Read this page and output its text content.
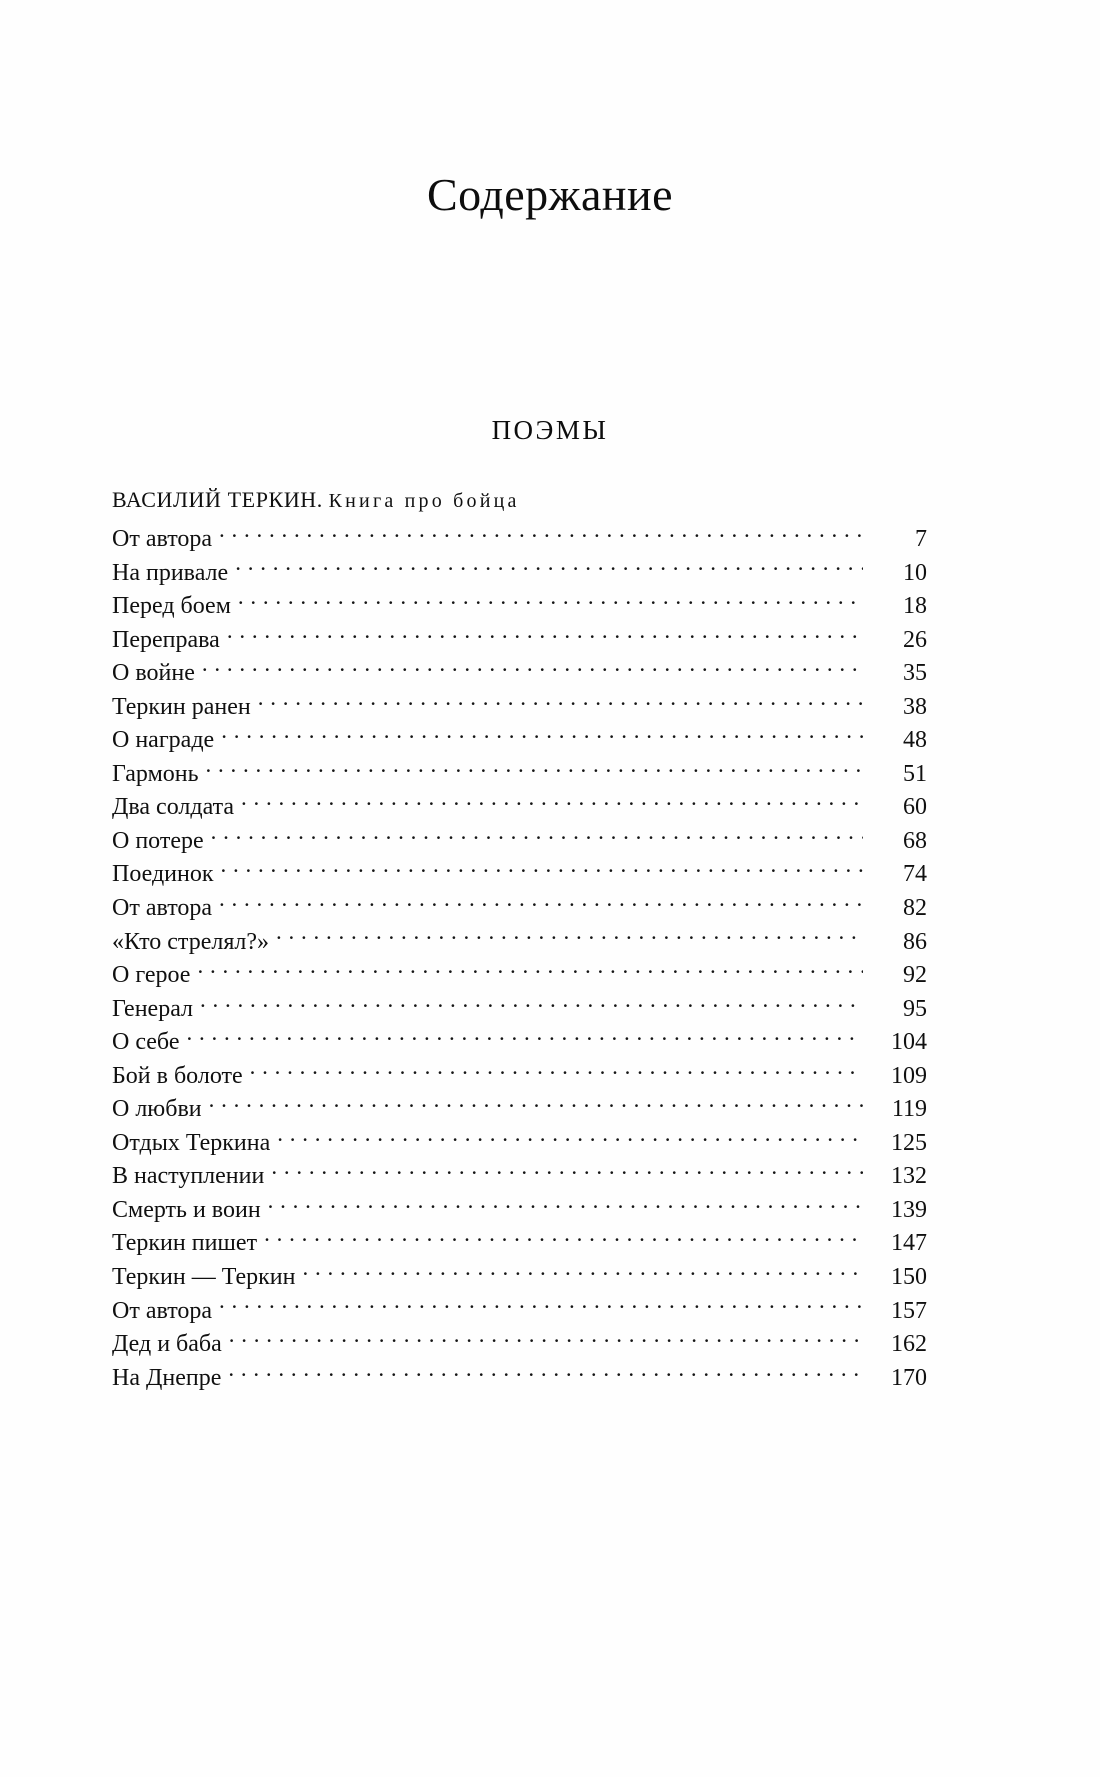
Содержание
ПОЭМЫ
ВАСИЛИЙ ТЕРКИН. Книга про бойца
От автора . . .	7
На привале . . .	10
Перед боем . . .	18
Переправа . . .	26
О войне . . .	35
Теркин ранен . . .	38
О награде . . .	48
Гармонь . . .	51
Два солдата . . .	60
О потере . . .	68
Поединок . . .	74
От автора . . .	82
«Кто стрелял?» . . .	86
О герое . . .	92
Генерал . . .	95
О себе . . .	104
Бой в болоте . . .	109
О любви . . .	119
Отдых Теркина . . .	125
В наступлении . . .	132
Смерть и воин . . .	139
Теркин пишет . . .	147
Теркин — Теркин . . .	150
От автора . . .	157
Дед и баба . . .	162
На Днепре . . .	170
